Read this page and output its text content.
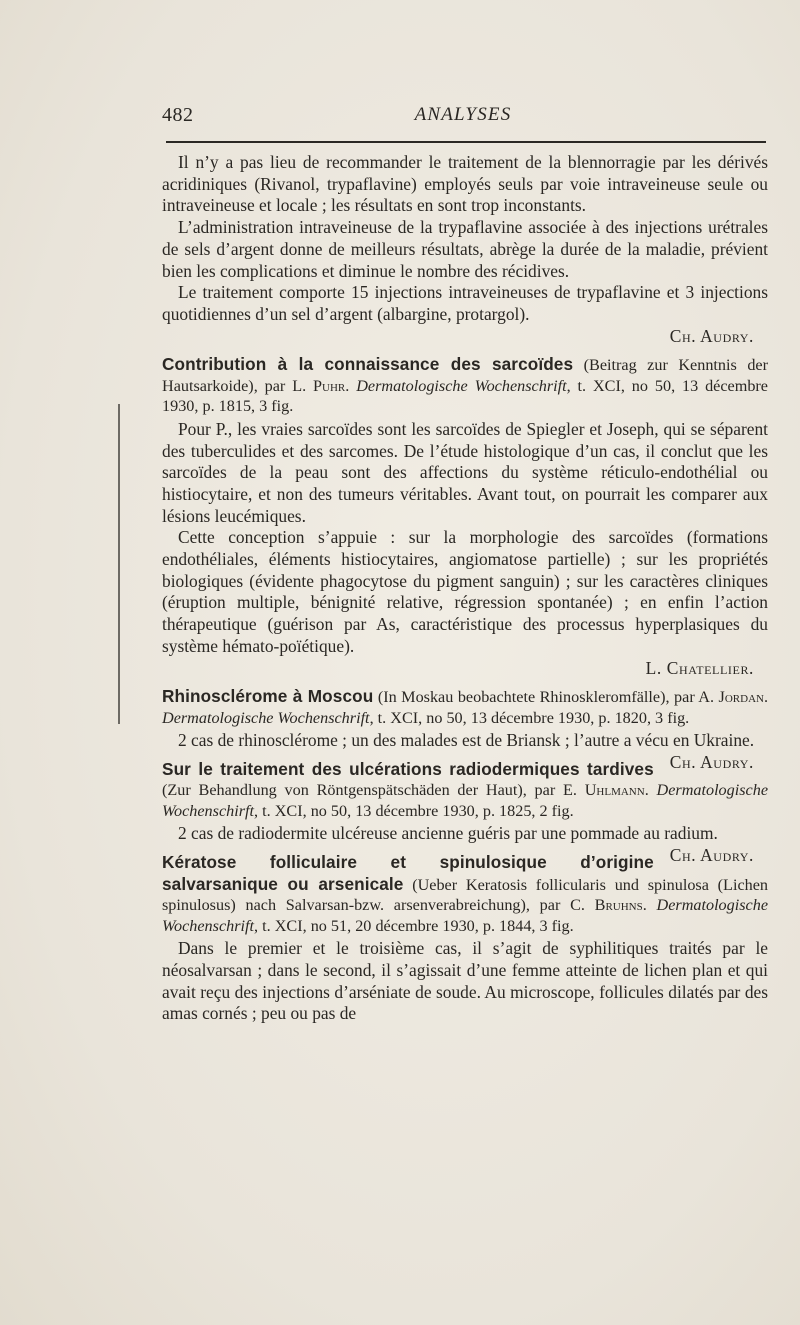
482	ANALYSES

Il n’y a pas lieu de recommander le traitement de la blennorragie par les dérivés acridiniques (Rivanol, trypaflavine) employés seuls par voie intraveineuse seule ou intraveineuse et locale ; les résultats en sont trop inconstants.

L’administration intraveineuse de la trypaflavine associée à des injections urétrales de sels d’argent donne de meilleurs résultats, abrège la durée de la maladie, prévient bien les complications et diminue le nombre des récidives.

Le traitement comporte 15 injections intraveineuses de trypaflavine et 3 injections quotidiennes d’un sel d’argent (albargine, protargol).

Ch. Audry.

Contribution à la connaissance des sarcoïdes (Beitrag zur Kenntnis der Hautsarkoide), par L. Puhr. Dermatologische Wochenschrift, t. XCI, no 50, 13 décembre 1930, p. 1815, 3 fig.

Pour P., les vraies sarcoïdes sont les sarcoïdes de Spiegler et Joseph, qui se séparent des tuberculides et des sarcomes. De l’étude histologique d’un cas, il conclut que les sarcoïdes de la peau sont des affections du système réticulo-endothélial ou histiocytaire, et non des tumeurs véritables. Avant tout, on pourrait les comparer aux lésions leucémiques.

Cette conception s’appuie : sur la morphologie des sarcoïdes (formations endothéliales, éléments histiocytaires, angiomatose partielle) ; sur les propriétés biologiques (évidente phagocytose du pigment sanguin) ; sur les caractères cliniques (éruption multiple, bénignité relative, régression spontanée) ; en enfin l’action thérapeutique (guérison par As, caractéristique des processus hyperplasiques du système hémato-poïétique).

L. Chatellier.

Rhinosclérome à Moscou (In Moskau beobachtete Rhinoskleromfälle), par A. Jordan. Dermatologische Wochenschrift, t. XCI, no 50, 13 décembre 1930, p. 1820, 3 fig.

2 cas de rhinosclérome ; un des malades est de Briansk ; l’autre a vécu en Ukraine.
Ch. Audry.

Sur le traitement des ulcérations radiodermiques tardives (Zur Behandlung von Röntgenspätschäden der Haut), par E. Uhlmann. Dermatologische Wochenschirft, t. XCI, no 50, 13 décembre 1930, p. 1825, 2 fig.

2 cas de radiodermite ulcéreuse ancienne guéris par une pommade au radium.
Ch. Audry.

Kératose folliculaire et spinulosique d’origine salvarsanique ou arsenicale (Ueber Keratosis follicularis und spinulosa (Lichen spinulosus) nach Salvarsan-bzw. arsenverabreichung), par C. Bruhns. Dermatologische Wochenschrift, t. XCI, no 51, 20 décembre 1930, p. 1844, 3 fig.

Dans le premier et le troisième cas, il s’agit de syphilitiques traités par le néosalvarsan ; dans le second, il s’agissait d’une femme atteinte de lichen plan et qui avait reçu des injections d’arséniate de soude. Au microscope, follicules dilatés par des amas cornés ; peu ou pas de
